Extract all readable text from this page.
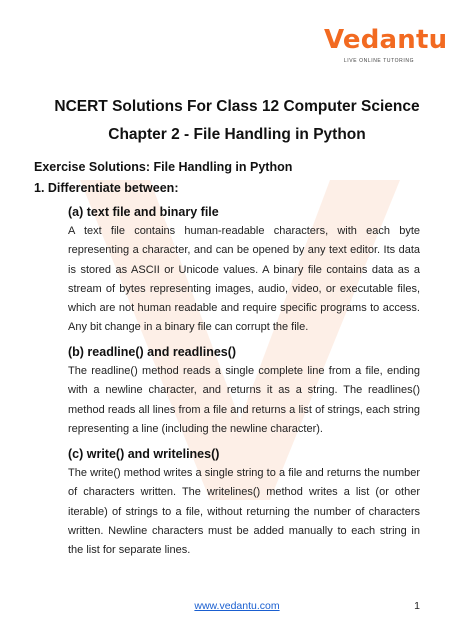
Vedantu
LIVE ONLINE TUTORING
NCERT Solutions For Class 12 Computer Science
Chapter 2 - File Handling in Python
Exercise Solutions: File Handling in Python
1. Differentiate between:
(a) text file and binary file
A text file contains human-readable characters, with each byte representing a character, and can be opened by any text editor. Its data is stored as ASCII or Unicode values. A binary file contains data as a stream of bytes representing images, audio, video, or executable files, which are not human readable and require specific programs to access. Any bit change in a binary file can corrupt the file.
(b) readline() and readlines()
The readline() method reads a single complete line from a file, ending with a newline character, and returns it as a string. The readlines() method reads all lines from a file and returns a list of strings, each string representing a line (including the newline character).
(c) write() and writelines()
The write() method writes a single string to a file and returns the number of characters written. The writelines() method writes a list (or other iterable) of strings to a file, without returning the number of characters written. Newline characters must be added manually to each string in the list for separate lines.
www.vedantu.com	1
